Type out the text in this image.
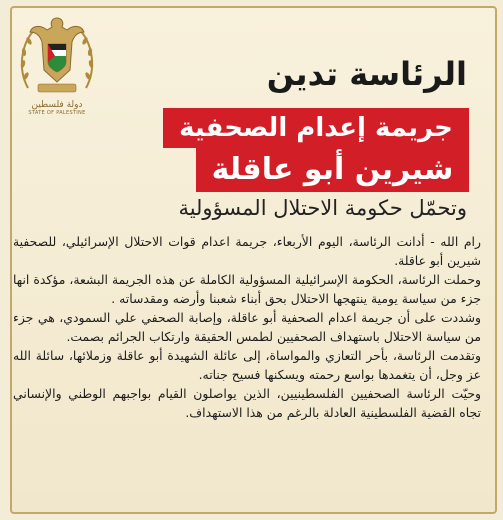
دولة فلسطين
STATE OF PALESTINE
الرئاسة تدين
جريمة إعدام الصحفية
شيرين أبو عاقلة
وتحمّل حكومة الاحتلال المسؤولية

رام الله - أدانت الرئاسة، اليوم الأربعاء، جريمة اعدام قوات الاحتلال الإسرائيلي، للصحفية شيرين أبو عاقلة.

وحملت الرئاسة، الحكومة الإسرائيلية المسؤولية الكاملة عن هذه الجريمة البشعة، مؤكدة انها جزء من سياسة يومية ينتهجها الاحتلال بحق أبناء شعبنا وأرضه ومقدساته .

وشددت على أن جريمة اعدام الصحفية أبو عاقلة، وإصابة الصحفي علي السمودي، هي جزء من سياسة الاحتلال باستهداف الصحفيين لطمس الحقيقة وارتكاب الجرائم بصمت.

وتقدمت الرئاسة، بأحر التعازي والمواساة، إلى عائلة الشهيدة أبو عاقلة وزملائها، سائلة الله عز وجل، أن يتغمدها بواسع رحمته ويسكنها فسيح جناته.

وحيّت الرئاسة الصحفيين الفلسطينيين، الذين يواصلون القيام بواجبهم الوطني والإنساني تجاه القضية الفلسطينية العادلة بالرغم من هذا الاستهداف.
